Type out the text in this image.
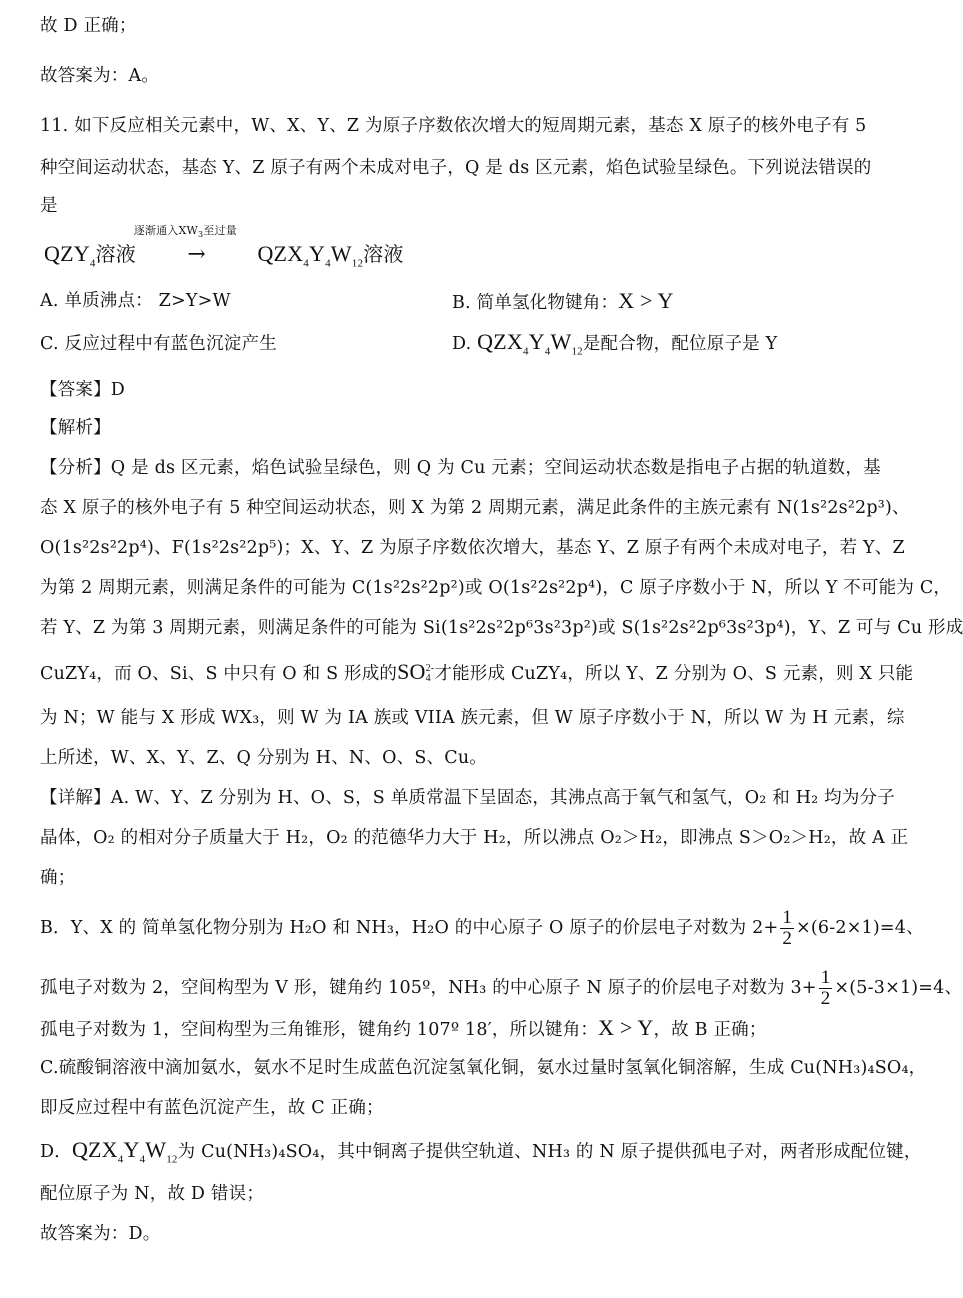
故 D 正确；
故答案为：A。
11. 如下反应相关元素中，W、X、Y、Z 为原子序数依次增大的短周期元素，基态 X 原子的核外电子有 5
种空间运动状态，基态 Y、Z 原子有两个未成对电子，Q 是 ds 区元素，焰色试验呈绿色。下列说法错误的
是
$QZY_4$溶液
逐渐通入$XW_3$至过量
→ $QZX_4Y_4W_{12}$溶液
A. 单质沸点： Z>Y>W	B. 简单氢化物键角：X > Y
C. 反应过程中有蓝色沉淀产生	D. $QZX_4Y_4W_{12}$是配合物，配位原子是 Y
【答案】D
【解析】
【分析】Q 是 ds 区元素，焰色试验呈绿色，则 Q 为 Cu 元素；空间运动状态数是指电子占据的轨道数，基
态 X 原子的核外电子有 5 种空间运动状态，则 X 为第 2 周期元素，满足此条件的主族元素有 N(1s²2s²2p³)、
O(1s²2s²2p⁴)、F(1s²2s²2p⁵)；X、Y、Z 为原子序数依次增大，基态 Y、Z 原子有两个未成对电子，若 Y、Z
为第 2 周期元素，则满足条件的可能为 C(1s²2s²2p²)或 O(1s²2s²2p⁴)，C 原子序数小于 N，所以 Y 不可能为 C，
若 Y、Z 为第 3 周期元素，则满足条件的可能为 Si(1s²2s²2p⁶3s²3p²)或 S(1s²2s²2p⁶3s²3p⁴)，Y、Z 可与 Cu 形成
CuZY₄，而 O、Si、S 中只有 O 和 S 形成的SO 2-
4 才能形成 CuZY₄，所以 Y、Z 分别为 O、S 元素，则 X 只能
为 N；W 能与 X 形成 WX₃，则 W 为 IA 族或 VIIA 族元素，但 W 原子序数小于 N，所以 W 为 H 元素，综
上所述，W、X、Y、Z、Q 分别为 H、N、O、S、Cu。
【详解】A. W、Y、Z 分别为 H、O、S，S 单质常温下呈固态，其沸点高于氧气和氢气，O₂ 和 H₂ 均为分子
晶体，O₂ 的相对分子质量大于 H₂，O₂ 的范德华力大于 H₂，所以沸点 O₂＞H₂，即沸点 S＞O₂＞H₂，故 A 正
确；
B．Y、X 的 简单氢化物分别为 H₂O 和 NH₃，H₂O 的中心原子 O 原子的价层电子对数为 $2+ \frac{1}{2} \times(6-2\times 1)=4$、
孤电子对数为 2，空间构型为 V 形，键角约 105º，NH₃ 的中心原子 N 原子的价层电子对数为 $3+ \frac{1}{2} \times(5-3\times 1)=4$、
孤电子对数为 1，空间构型为三角锥形，键角约 107º 18′，所以键角：X > Y，故 B 正确；
C.硫酸铜溶液中滴加氨水，氨水不足时生成蓝色沉淀氢氧化铜，氨水过量时氢氧化铜溶解，生成 Cu(NH₃)₄SO₄，
即反应过程中有蓝色沉淀产生，故 C 正确；
D．$QZX_4Y_4W_{12}$为 Cu(NH₃)₄SO₄，其中铜离子提供空轨道、NH₃ 的 N 原子提供孤电子对，两者形成配位键，
配位原子为 N，故 D 错误；
故答案为：D。
